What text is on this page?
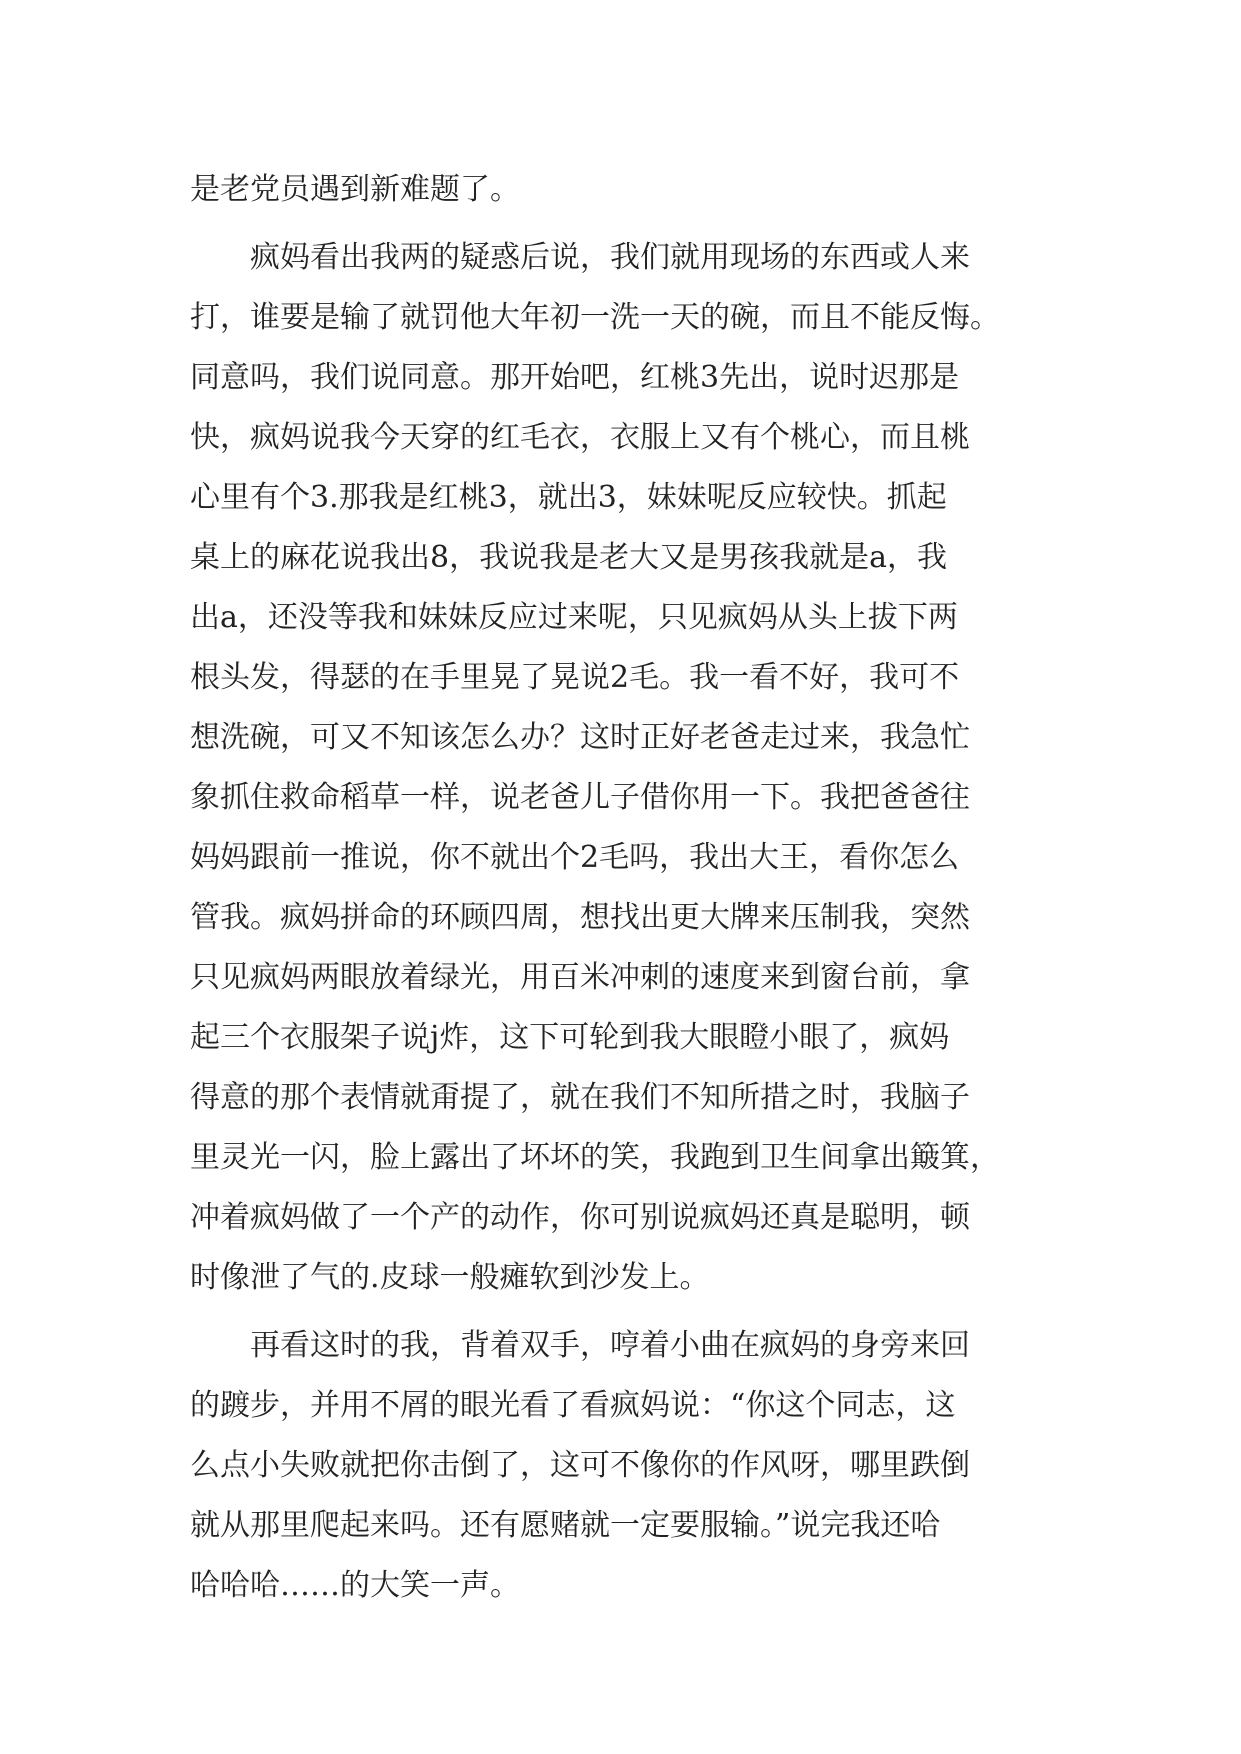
是老党员遇到新难题了。
　　疯妈看出我两的疑惑后说，我们就用现场的东西或人来
打，谁要是输了就罚他大年初一洗一天的碗，而且不能反悔。
同意吗，我们说同意。那开始吧，红桃3先出，说时迟那是
快，疯妈说我今天穿的红毛衣，衣服上又有个桃心，而且桃
心里有个3.那我是红桃3，就出3，妹妹呢反应较快。抓起
桌上的麻花说我出8，我说我是老大又是男孩我就是a，我
出a，还没等我和妹妹反应过来呢，只见疯妈从头上拔下两
根头发，得瑟的在手里晃了晃说2毛。我一看不好，我可不
想洗碗，可又不知该怎么办？这时正好老爸走过来，我急忙
象抓住救命稻草一样，说老爸儿子借你用一下。我把爸爸往
妈妈跟前一推说，你不就出个2毛吗，我出大王，看你怎么
管我。疯妈拼命的环顾四周，想找出更大牌来压制我，突然
只见疯妈两眼放着绿光，用百米冲刺的速度来到窗台前，拿
起三个衣服架子说j炸，这下可轮到我大眼瞪小眼了，疯妈
得意的那个表情就甭提了，就在我们不知所措之时，我脑子
里灵光一闪，脸上露出了坏坏的笑，我跑到卫生间拿出簸箕，
冲着疯妈做了一个产的动作，你可别说疯妈还真是聪明，顿
时像泄了气的.皮球一般瘫软到沙发上。
　　再看这时的我，背着双手，哼着小曲在疯妈的身旁来回
的踱步，并用不屑的眼光看了看疯妈说：“你这个同志，这
么点小失败就把你击倒了，这可不像你的作风呀，哪里跌倒
就从那里爬起来吗。还有愿赌就一定要服输。”说完我还哈
哈哈哈……的大笑一声。
